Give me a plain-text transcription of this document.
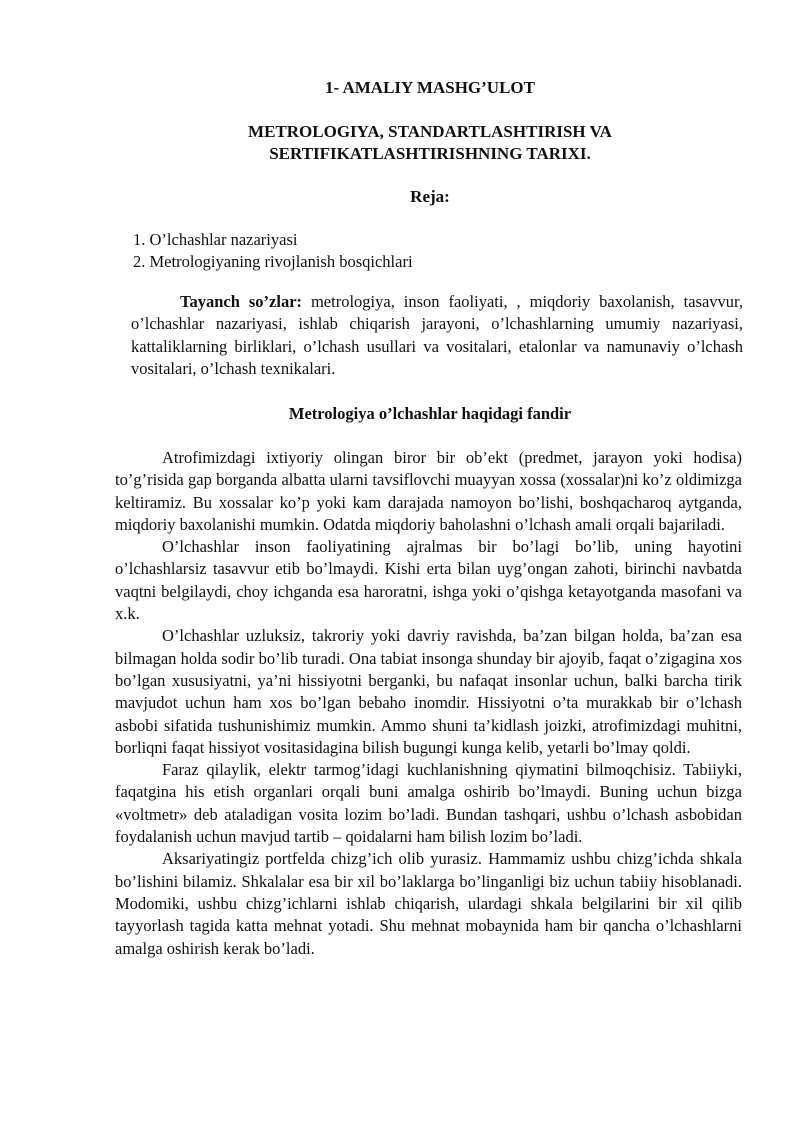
1- AMALIY MASHG’ULOT
METROLOGIYA, STANDARTLASHTIRISH VA
SERTIFIKATLASHTIRISHNING TARIXI.
Reja:
1. O’lchashlar nazariyasi
2. Metrologiyaning rivojlanish bosqichlari

Tayanch so’zlar: metrologiya, inson faoliyati, , miqdoriy baxolanish, tasavvur, o’lchashlar nazariyasi, ishlab chiqarish jarayoni, o’lchashlarning umumiy nazariyasi, kattaliklarning birliklari, o’lchash usullari va vositalari, etalonlar va namunaviy o’lchash vositalari, o’lchash texnikalari.

Metrologiya o’lchashlar haqidagi fandir

Atrofimizdagi ixtiyoriy olingan biror bir ob’ekt (predmet, jarayon yoki hodisa) to’g’risida gap borganda albatta ularni tavsiflovchi muayyan xossa (xossalar)ni ko’z oldimizga keltiramiz. Bu xossalar ko’p yoki kam darajada namoyon bo’lishi, boshqacharoq aytganda, miqdoriy baxolanishi mumkin. Odatda miqdoriy baholashni o’lchash amali orqali bajariladi.

O’lchashlar inson faoliyatining ajralmas bir bo’lagi bo’lib, uning hayotini o’lchashlarsiz tasavvur etib bo’lmaydi. Kishi erta bilan uyg’ongan zahoti, birinchi navbatda vaqtni belgilaydi, choy ichganda esa haroratni, ishga yoki o’qishga ketayotganda masofani va x.k.

O’lchashlar uzluksiz, takroriy yoki davriy ravishda, ba’zan bilgan holda, ba’zan esa bilmagan holda sodir bo’lib turadi. Ona tabiat insonga shunday bir ajoyib, faqat o’zigagina xos bo’lgan xususiyatni, ya’ni hissiyotni berganki, bu nafaqat insonlar uchun, balki barcha tirik mavjudot uchun ham xos bo’lgan bebaho inomdir. Hissiyotni o’ta murakkab bir o’lchash asbobi sifatida tushunishimiz mumkin. Ammo shuni ta’kidlash joizki, atrofimizdagi muhitni, borliqni faqat hissiyot vositasidagina bilish bugungi kunga kelib, yetarli bo’lmay qoldi.

Faraz qilaylik, elektr tarmog’idagi kuchlanishning qiymatini bilmoqchisiz. Tabiiyki, faqatgina his etish organlari orqali buni amalga oshirib bo’lmaydi. Buning uchun bizga «voltmetr» deb ataladigan vosita lozim bo’ladi. Bundan tashqari, ushbu o’lchash asbobidan foydalanish uchun mavjud tartib – qoidalarni ham bilish lozim bo’ladi.

Aksariyatingiz portfelda chizg’ich olib yurasiz. Hammamiz ushbu chizg’ichda shkala bo’lishini bilamiz. Shkalalar esa bir xil bo’laklarga bo’linganligi biz uchun tabiiy hisoblanadi. Modomiki, ushbu chizg’ichlarni ishlab chiqarish, ulardagi shkala belgilarini bir xil qilib tayyorlash tagida katta mehnat yotadi. Shu mehnat mobaynida ham bir qancha o’lchashlarni amalga oshirish kerak bo’ladi.
